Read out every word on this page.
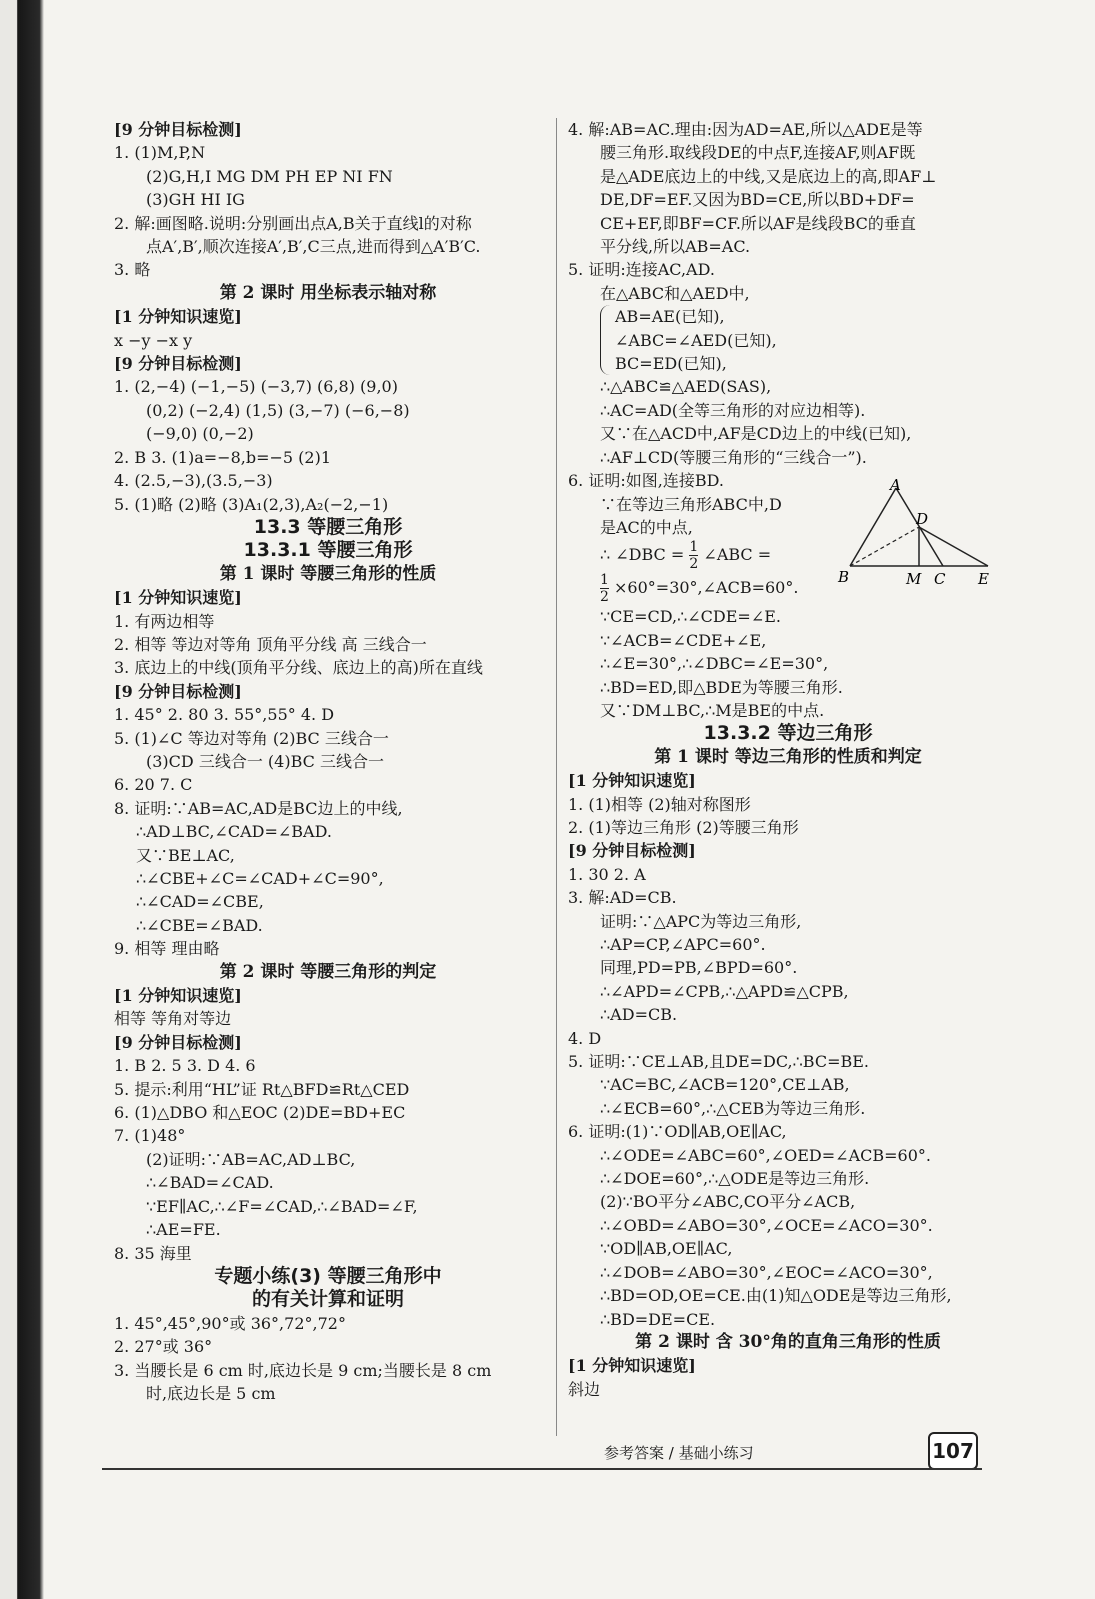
[9 分钟目标检测]
1. (1)M,P,N
(2)G,H,I MG DM PH EP NI FN
(3)GH HI IG
2. 解:画图略.说明:分别画出点A,B关于直线l的对称
点A′,B′,顺次连接A′,B′,C三点,进而得到△A′B′C.
3. 略
第 2 课时 用坐标表示轴对称
[1 分钟知识速览]
x −y −x y
[9 分钟目标检测]
1. (2,−4) (−1,−5) (−3,7) (6,8) (9,0)
(0,2) (−2,4) (1,5) (3,−7) (−6,−8)
(−9,0) (0,−2)
2. B 3. (1)a=−8,b=−5 (2)1
4. (2.5,−3),(3.5,−3)
5. (1)略 (2)略 (3)A₁(2,3),A₂(−2,−1)
13.3 等腰三角形
13.3.1 等腰三角形
第 1 课时 等腰三角形的性质
[1 分钟知识速览]
1. 有两边相等
2. 相等 等边对等角 顶角平分线 高 三线合一
3. 底边上的中线(顶角平分线、底边上的高)所在直线
[9 分钟目标检测]
1. 45° 2. 80 3. 55°,55° 4. D
5. (1)∠C 等边对等角 (2)BC 三线合一
(3)CD 三线合一 (4)BC 三线合一
6. 20 7. C
8. 证明:∵AB=AC,AD是BC边上的中线,
∴AD⊥BC,∠CAD=∠BAD.
又∵BE⊥AC,
∴∠CBE+∠C=∠CAD+∠C=90°,
∴∠CAD=∠CBE,
∴∠CBE=∠BAD.
9. 相等 理由略
第 2 课时 等腰三角形的判定
[1 分钟知识速览]
相等 等角对等边
[9 分钟目标检测]
1. B 2. 5 3. D 4. 6
5. 提示:利用“HL”证 Rt△BFD≌Rt△CED
6. (1)△DBO 和△EOC (2)DE=BD+EC
7. (1)48°
(2)证明:∵AB=AC,AD⊥BC,
∴∠BAD=∠CAD.
∵EF∥AC,∴∠F=∠CAD,∴∠BAD=∠F,
∴AE=FE.
8. 35 海里
专题小练(3) 等腰三角形中
的有关计算和证明
1. 45°,45°,90°或 36°,72°,72°
2. 27°或 36°
3. 当腰长是 6 cm 时,底边长是 9 cm;当腰长是 8 cm
时,底边长是 5 cm
4. 解:AB=AC.理由:因为AD=AE,所以△ADE是等
腰三角形.取线段DE的中点F,连接AF,则AF既
是△ADE底边上的中线,又是底边上的高,即AF⊥
DE,DF=EF.又因为BD=CE,所以BD+DF=
CE+EF,即BF=CF.所以AF是线段BC的垂直
平分线,所以AB=AC.
5. 证明:连接AC,AD.
在△ABC和△AED中,
AB=AE(已知),
∠ABC=∠AED(已知),
BC=ED(已知),
∴△ABC≌△AED(SAS),
∴AC=AD(全等三角形的对应边相等).
又∵在△ACD中,AF是CD边上的中线(已知),
∴AF⊥CD(等腰三角形的“三线合一”).
6. 证明:如图,连接BD.
∵在等边三角形ABC中,D
是AC的中点,
∴ ∠DBC = $\frac{1}{2}$ ∠ABC =
$\frac{1}{2}$ ×60°=30°,∠ACB=60°.
∵CE=CD,∴∠CDE=∠E.
∵∠ACB=∠CDE+∠E,
∴∠E=30°,∴∠DBC=∠E=30°,
∴BD=ED,即△BDE为等腰三角形.
又∵DM⊥BC,∴M是BE的中点.
13.3.2 等边三角形
第 1 课时 等边三角形的性质和判定
[1 分钟知识速览]
1. (1)相等 (2)轴对称图形
2. (1)等边三角形 (2)等腰三角形
[9 分钟目标检测]
1. 30 2. A
3. 解:AD=CB.
证明:∵△APC为等边三角形,
∴AP=CP,∠APC=60°.
同理,PD=PB,∠BPD=60°.
∴∠APD=∠CPB,∴△APD≌△CPB,
∴AD=CB.
4. D
5. 证明:∵CE⊥AB,且DE=DC,∴BC=BE.
∵AC=BC,∠ACB=120°,CE⊥AB,
∴∠ECB=60°,∴△CEB为等边三角形.
6. 证明:(1)∵OD∥AB,OE∥AC,
∴∠ODE=∠ABC=60°,∠OED=∠ACB=60°.
∴∠DOE=60°,∴△ODE是等边三角形.
(2)∵BO平分∠ABC,CO平分∠ACB,
∴∠OBD=∠ABO=30°,∠OCE=∠ACO=30°.
∵OD∥AB,OE∥AC,
∴∠DOB=∠ABO=30°,∠EOC=∠ACO=30°,
∴BD=OD,OE=CE.由(1)知△ODE是等边三角形,
∴BD=DE=CE.
第 2 课时 含 30°角的直角三角形的性质
[1 分钟知识速览]
斜边
A
D
B	M C E
参考答案 / 基础小练习	107
